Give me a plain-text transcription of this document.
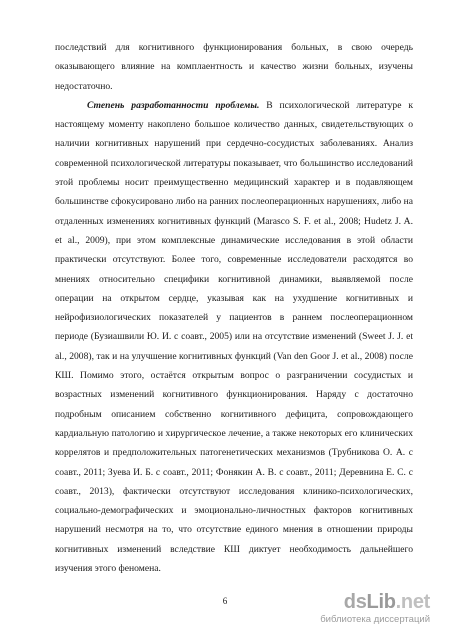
последствий для когнитивного функционирования больных, в свою очередь оказывающего влияние на комплаентность и качество жизни больных, изучены недостаточно.

Степень разработанности проблемы. В психологической литературе к настоящему моменту накоплено большое количество данных, свидетельствующих о наличии когнитивных нарушений при сердечно-сосудистых заболеваниях. Анализ современной психологической литературы показывает, что большинство исследований этой проблемы носит преимущественно медицинский характер и в подавляющем большинстве сфокусировано либо на ранних послеоперационных нарушениях, либо на отдаленных изменениях когнитивных функций (Marasco S. F. et al., 2008; Hudetz J. A. et al., 2009), при этом комплексные динамические исследования в этой области практически отсутствуют. Более того, современные исследователи расходятся во мнениях относительно специфики когнитивной динамики, выявляемой после операции на открытом сердце, указывая как на ухудшение когнитивных и нейрофизиологических показателей у пациентов в раннем послеоперационном периоде (Бузиашвили Ю. И. с соавт., 2005) или на отсутствие изменений (Sweet J. J. et al., 2008), так и на улучшение когнитивных функций (Van den Goor J. et al., 2008) после КШ. Помимо этого, остаётся открытым вопрос о разграничении сосудистых и возрастных изменений когнитивного функционирования. Наряду с достаточно подробным описанием собственно когнитивного дефицита, сопровождающего кардиальную патологию и хирургическое лечение, а также некоторых его клинических коррелятов и предположительных патогенетических механизмов (Трубникова О. А. с соавт., 2011; Зуева И. Б. с соавт., 2011; Фонякин А. В. с соавт., 2011; Деревнина Е. С. с соавт., 2013), фактически отсутствуют исследования клинико-психологических, социально-демографических и эмоционально-личностных факторов когнитивных нарушений несмотря на то, что отсутствие единого мнения в отношении природы когнитивных изменений вследствие КШ диктует необходимость дальнейшего изучения этого феномена.

6	dsLib.net
библиотека диссертаций
